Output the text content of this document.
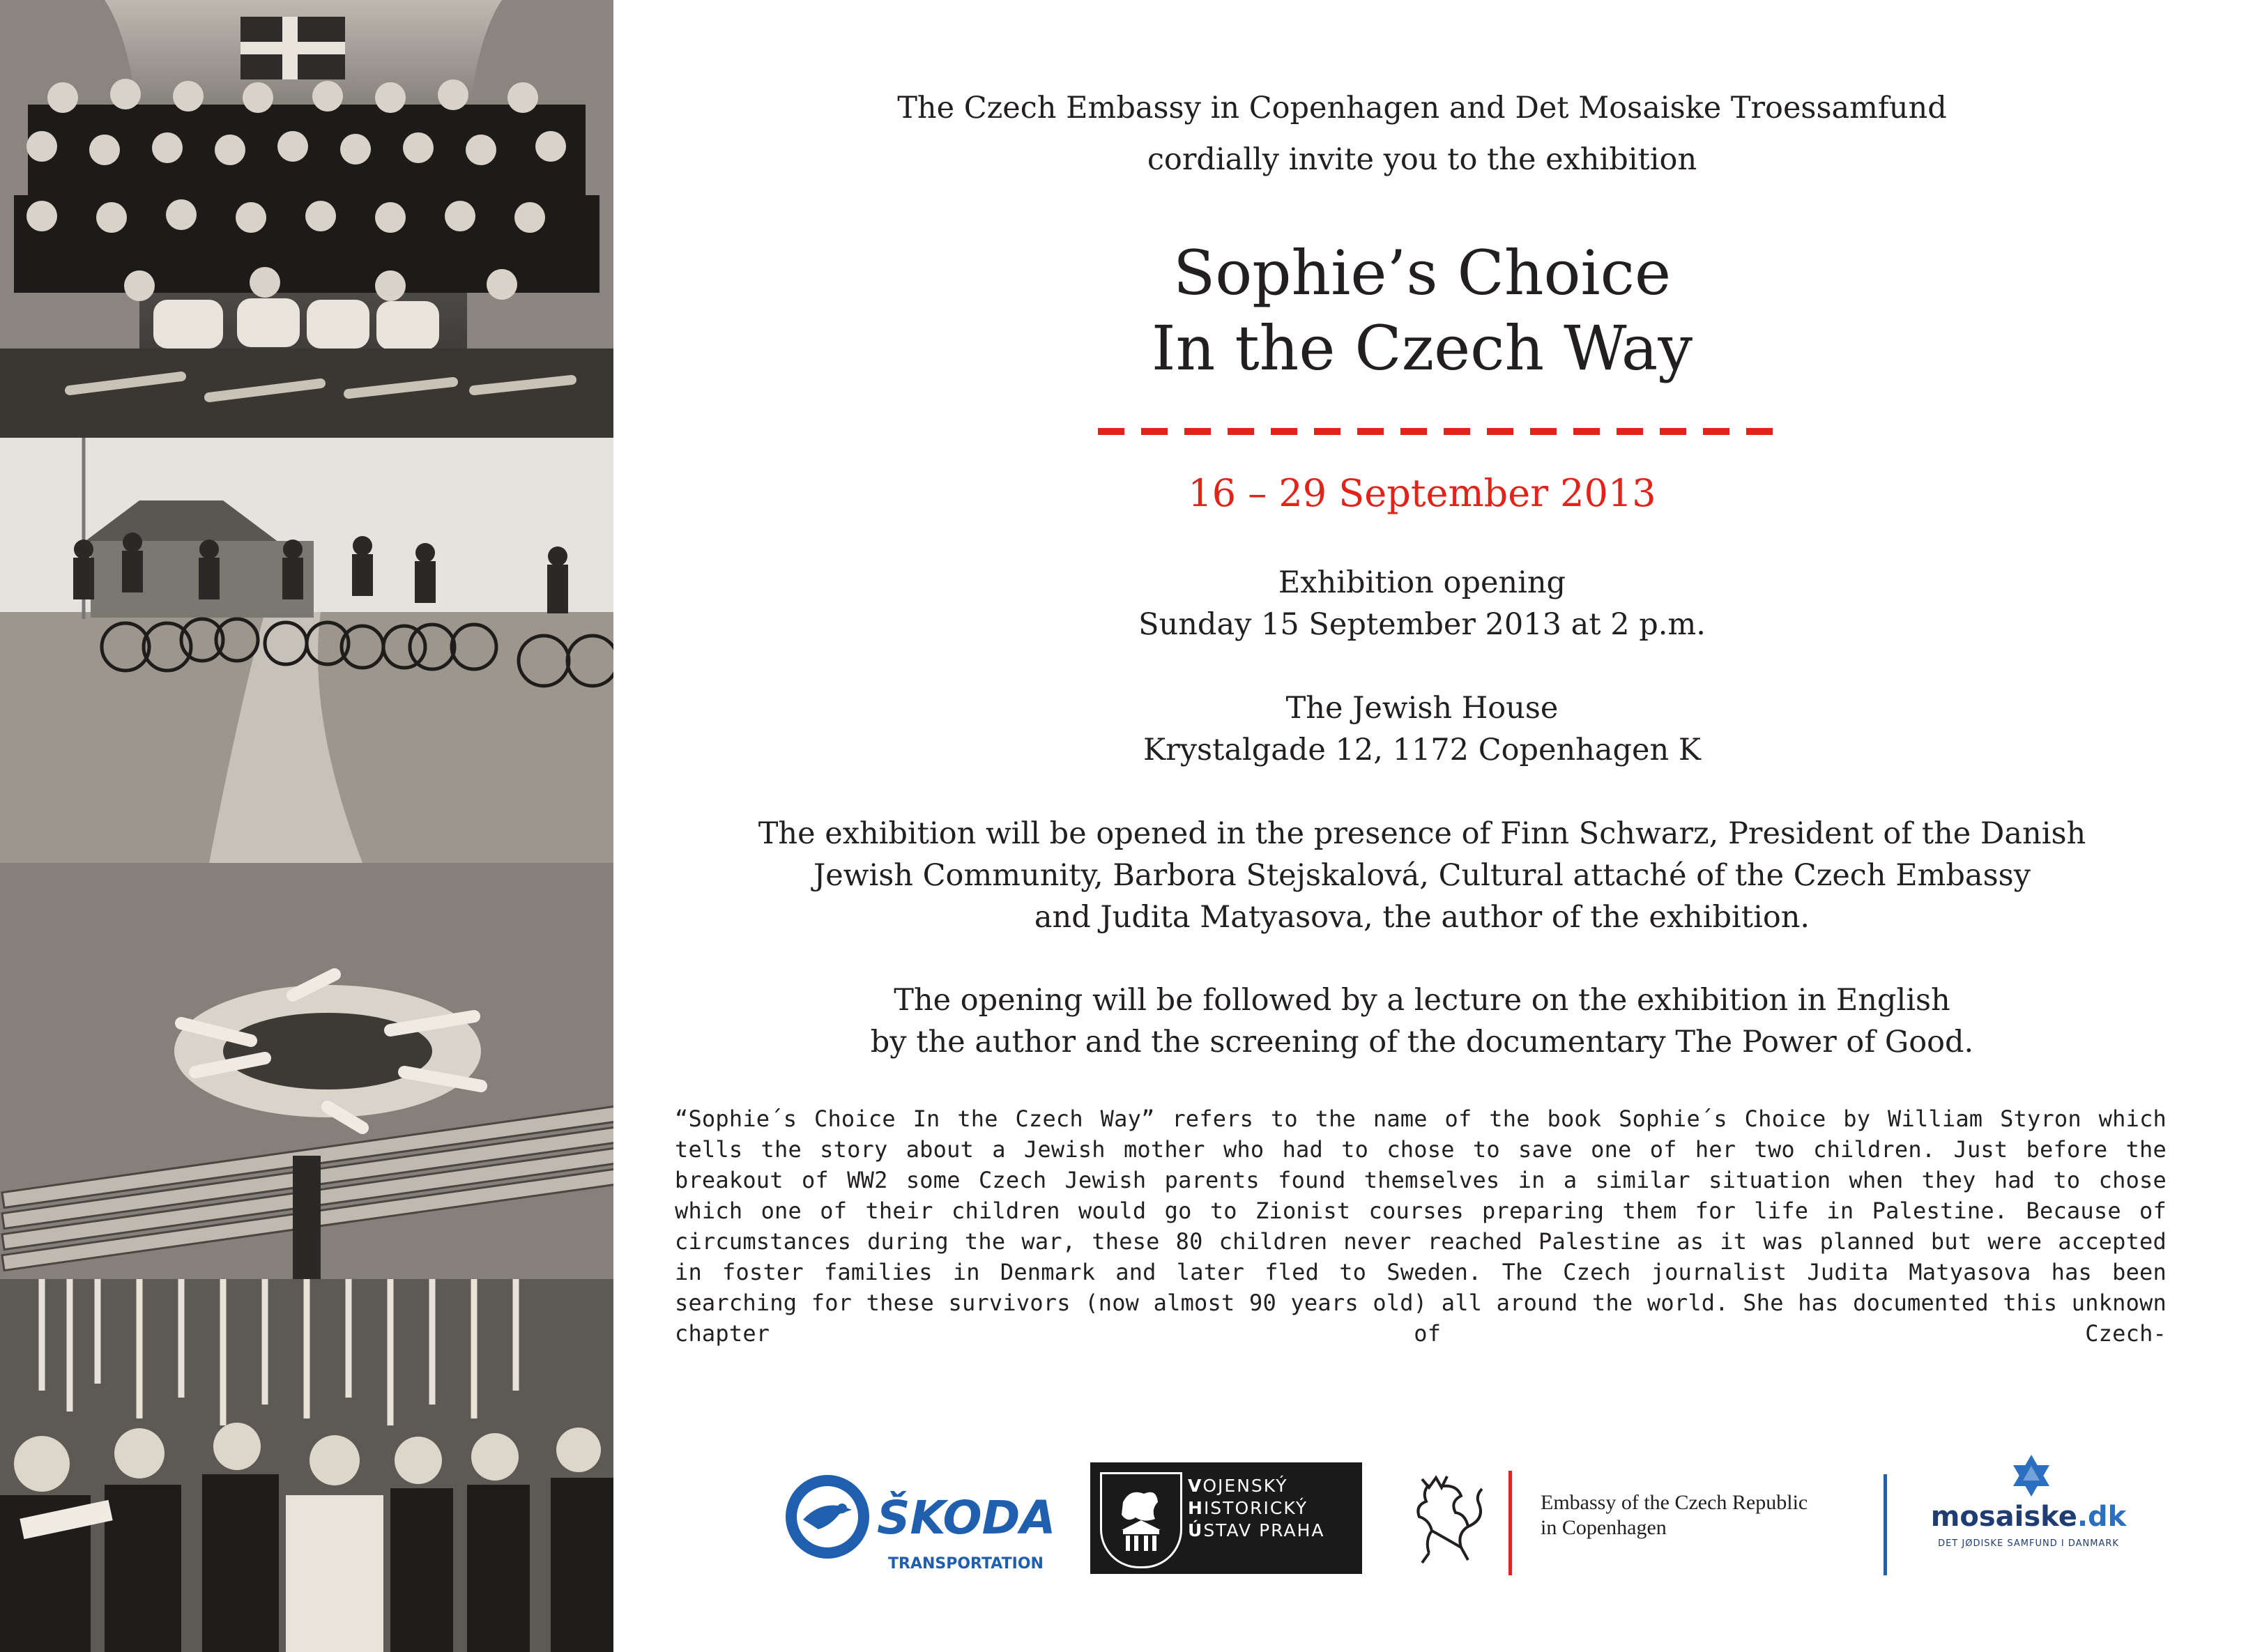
The Czech Embassy in Copenhagen and Det Mosaiske Troessamfund
cordially invite you to the exhibition
Sophie’s Choice
In the Czech Way
16 – 29 September 2013
Exhibition opening
Sunday 15 September 2013 at 2 p.m.
The Jewish House
Krystalgade 12, 1172 Copenhagen K
The exhibition will be opened in the presence of Finn Schwarz, President of the Danish
Jewish Community, Barbora Stejskalová, Cultural attaché of the Czech Embassy
and Judita Matyasova, the author of the exhibition.
The opening will be followed by a lecture on the exhibition in English
by the author and the screening of the documentary The Power of Good.
“Sophie´s Choice In the Czech Way” refers to the name of the book Sophie´s Choice by William Styron which tells the story about a Jewish mother who had to chose to save one of her two children. Just before the breakout of WW2 some Czech Jewish parents found themselves in a similar situation when they had to chose which one of their children would go to Zionist courses preparing them for life in Palestine. Because of circumstances during the war, these 80 children never reached Palestine as it was planned but were accepted in foster families in Denmark and later fled to Sweden. The Czech journalist Judita Matyasova has been searching for these survivors (now almost 90 years old) all around the world. She has documented this unknown chapter of Czech-
ŠKODA
TRANSPORTATION
VOJENSKÝ
HISTORICKÝ
ÚSTAV PRAHA
Embassy of the Czech Republic
in Copenhagen	mosaiske.dk
DET JØDISKE SAMFUND I DANMARK
